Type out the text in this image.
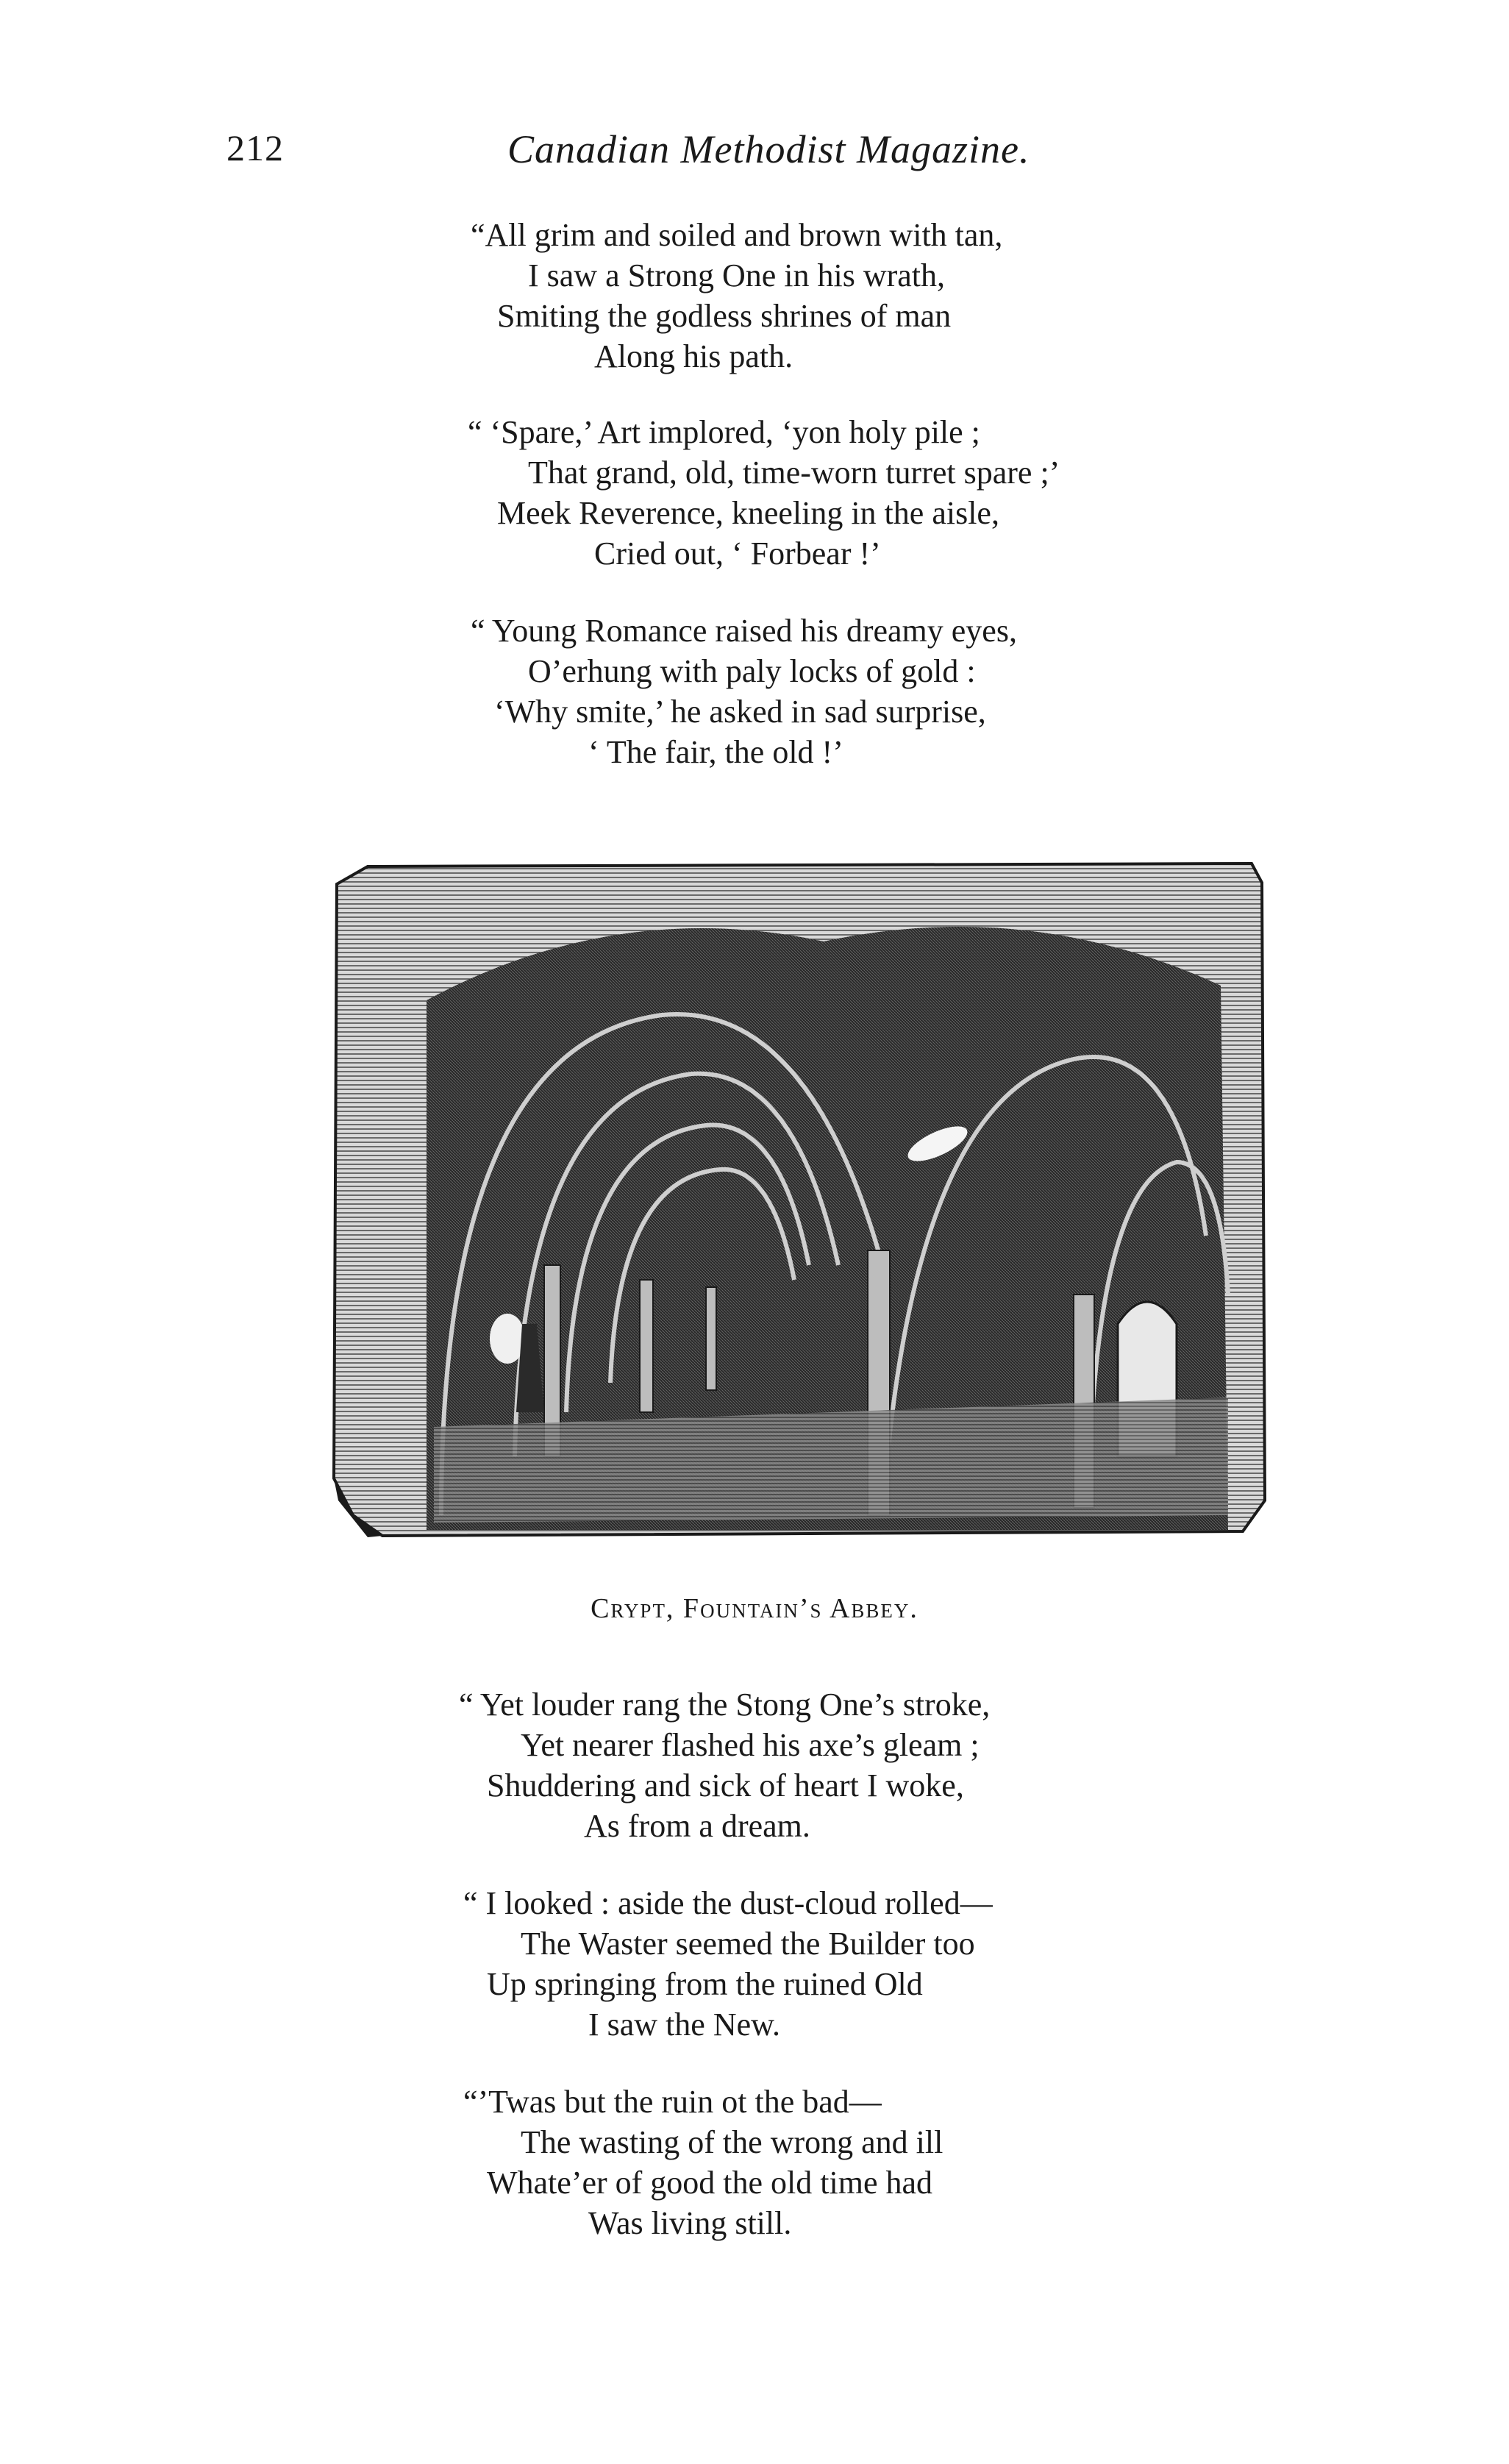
212	Canadian Methodist Magazine.
“All grim and soiled and brown with tan,
I saw a Strong One in his wrath,
Smiting the godless shrines of man
Along his path.
“ ‘Spare,’ Art implored, ‘yon holy pile ;
That grand, old, time-worn turret spare ;’
Meek Reverence, kneeling in the aisle,
Cried out, ‘ Forbear !’
“ Young Romance raised his dreamy eyes,
O’erhung with paly locks of gold :
‘Why smite,’ he asked in sad surprise,
‘ The fair, the old !’
Crypt, Fountain’s Abbey.
“ Yet louder rang the Stong One’s stroke,
Yet nearer flashed his axe’s gleam ;
Shuddering and sick of heart I woke,
As from a dream.
“ I looked : aside the dust-cloud rolled—
The Waster seemed the Builder too
Up springing from the ruined Old
I saw the New.
“’Twas but the ruin ot the bad—
The wasting of the wrong and ill
Whate’er of good the old time had
Was living still.
